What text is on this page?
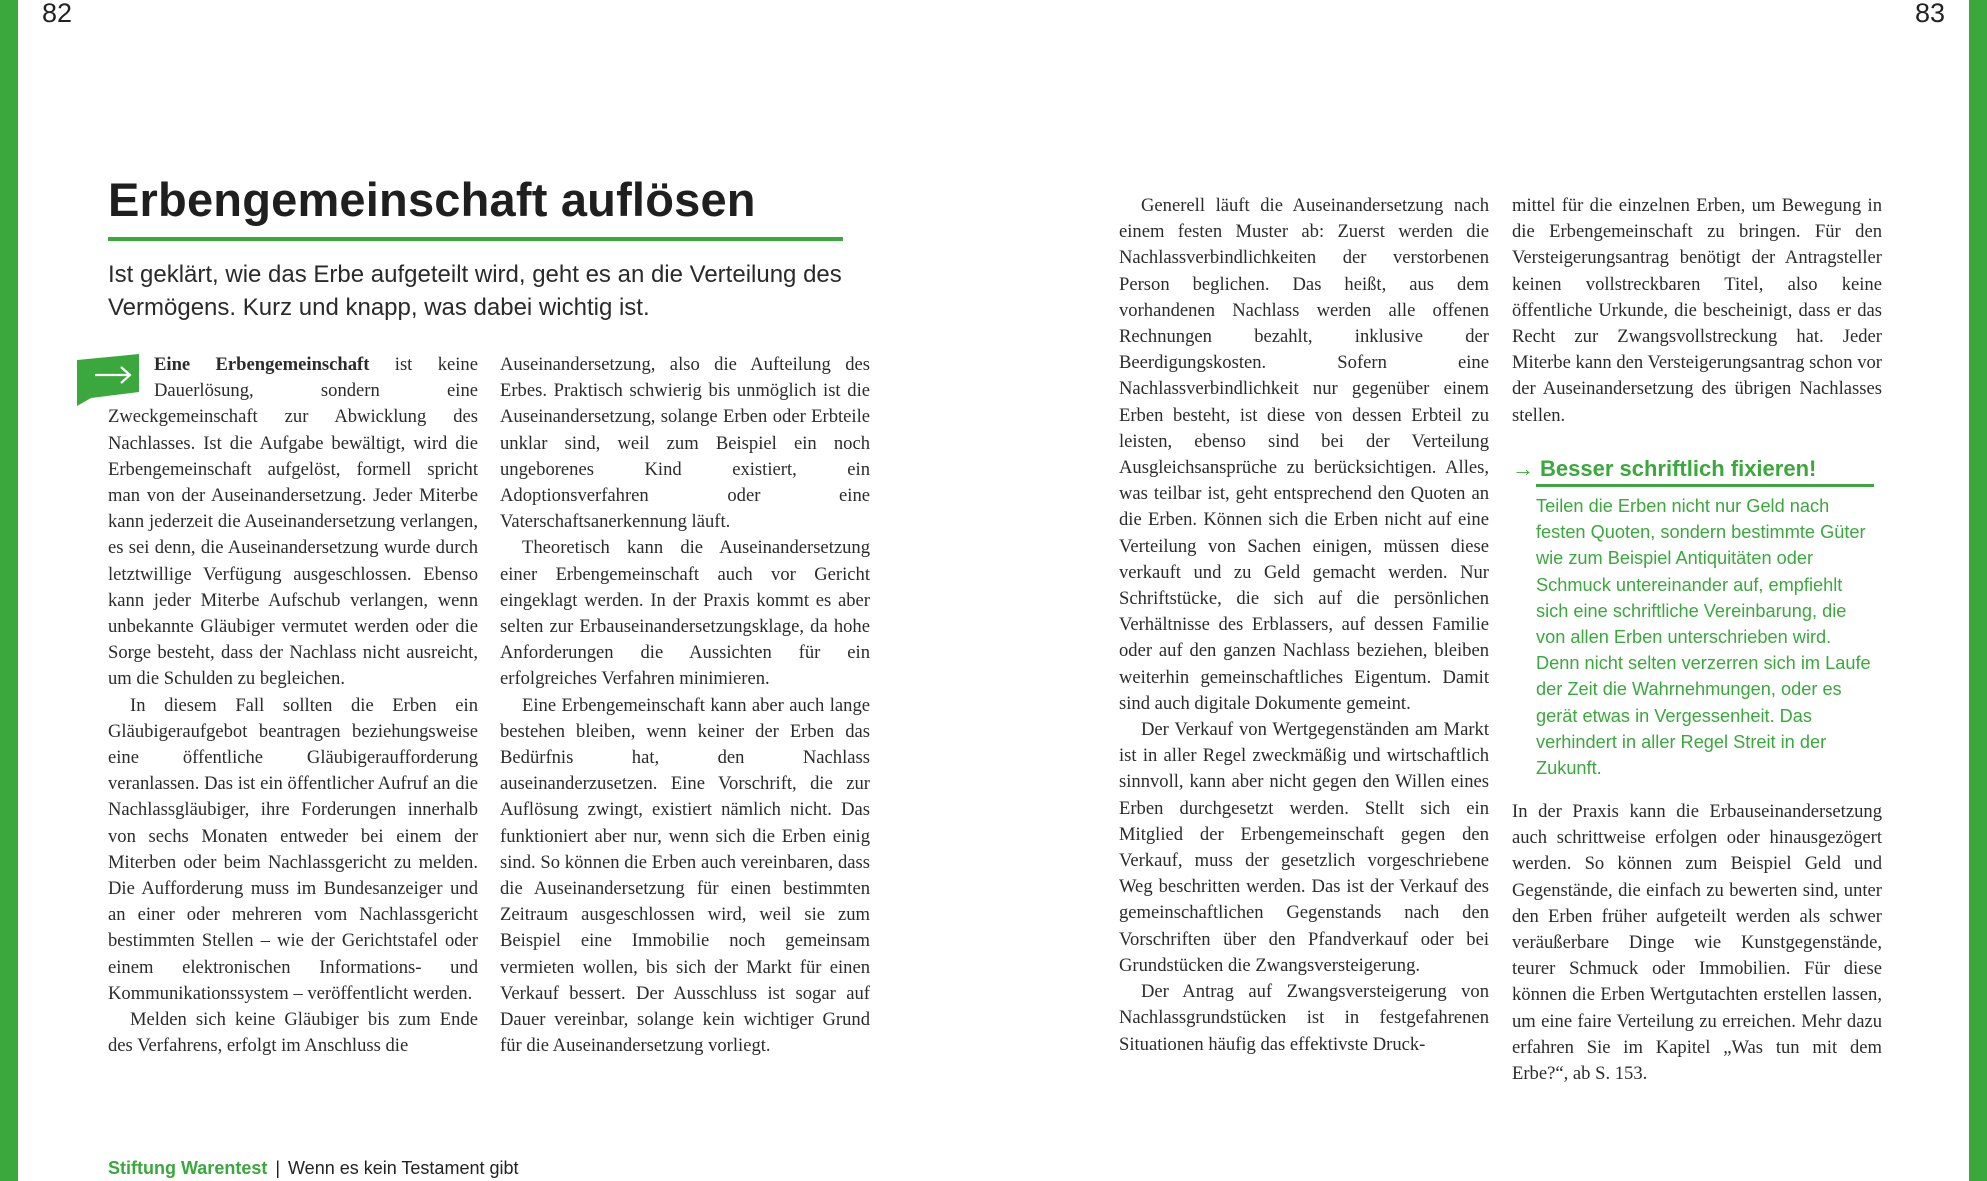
82	83
Erbengemeinschaft auflösen

Ist geklärt, wie das Erbe aufgeteilt wird, geht es an die Verteilung des Vermögens. Kurz und knapp, was dabei wichtig ist.

Eine Erbengemeinschaft ist keine Dauerlösung, sondern eine Zweckgemeinschaft zur Abwicklung des Nachlasses. Ist die Aufgabe bewältigt, wird die Erbengemeinschaft aufgelöst, formell spricht man von der Auseinandersetzung. Jeder Miterbe kann jederzeit die Auseinandersetzung verlangen, es sei denn, die Auseinandersetzung wurde durch letztwillige Verfügung ausgeschlossen. Ebenso kann jeder Miterbe Aufschub verlangen, wenn unbekannte Gläubiger vermutet werden oder die Sorge besteht, dass der Nachlass nicht ausreicht, um die Schulden zu begleichen.

In diesem Fall sollten die Erben ein Gläubigeraufgebot beantragen beziehungsweise eine öffentliche Gläubigeraufforderung veranlassen. Das ist ein öffentlicher Aufruf an die Nachlassgläubiger, ihre Forderungen innerhalb von sechs Monaten entweder bei einem der Miterben oder beim Nachlassgericht zu melden. Die Aufforderung muss im Bundesanzeiger und an einer oder mehreren vom Nachlassgericht bestimmten Stellen – wie der Gerichtstafel oder einem elektronischen Informations- und Kommunikationssystem – veröffentlicht werden.

Melden sich keine Gläubiger bis zum Ende des Verfahrens, erfolgt im Anschluss die

Auseinandersetzung, also die Aufteilung des Erbes. Praktisch schwierig bis unmöglich ist die Auseinandersetzung, solange Erben oder Erbteile unklar sind, weil zum Beispiel ein noch ungeborenes Kind existiert, ein Adoptionsverfahren oder eine Vaterschaftsanerkennung läuft.

Theoretisch kann die Auseinandersetzung einer Erbengemeinschaft auch vor Gericht eingeklagt werden. In der Praxis kommt es aber selten zur Erbauseinandersetzungsklage, da hohe Anforderungen die Aussichten für ein erfolgreiches Verfahren minimieren.

Eine Erbengemeinschaft kann aber auch lange bestehen bleiben, wenn keiner der Erben das Bedürfnis hat, den Nachlass auseinanderzusetzen. Eine Vorschrift, die zur Auflösung zwingt, existiert nämlich nicht. Das funktioniert aber nur, wenn sich die Erben einig sind. So können die Erben auch vereinbaren, dass die Auseinandersetzung für einen bestimmten Zeitraum ausgeschlossen wird, weil sie zum Beispiel eine Immobilie noch gemeinsam vermieten wollen, bis sich der Markt für einen Verkauf bessert. Der Ausschluss ist sogar auf Dauer vereinbar, solange kein wichtiger Grund für die Auseinandersetzung vorliegt.

Generell läuft die Auseinandersetzung nach einem festen Muster ab: Zuerst werden die Nachlassverbindlichkeiten der verstorbenen Person beglichen. Das heißt, aus dem vorhandenen Nachlass werden alle offenen Rechnungen bezahlt, inklusive der Beerdigungskosten. Sofern eine Nachlassverbindlichkeit nur gegenüber einem Erben besteht, ist diese von dessen Erbteil zu leisten, ebenso sind bei der Verteilung Ausgleichsansprüche zu berücksichtigen. Alles, was teilbar ist, geht entsprechend den Quoten an die Erben. Können sich die Erben nicht auf eine Verteilung von Sachen einigen, müssen diese verkauft und zu Geld gemacht werden. Nur Schriftstücke, die sich auf die persönlichen Verhältnisse des Erblassers, auf dessen Familie oder auf den ganzen Nachlass beziehen, bleiben weiterhin gemeinschaftliches Eigentum. Damit sind auch digitale Dokumente gemeint.

Der Verkauf von Wertgegenständen am Markt ist in aller Regel zweckmäßig und wirtschaftlich sinnvoll, kann aber nicht gegen den Willen eines Erben durchgesetzt werden. Stellt sich ein Mitglied der Erbengemeinschaft gegen den Verkauf, muss der gesetzlich vorgeschriebene Weg beschritten werden. Das ist der Verkauf des gemeinschaftlichen Gegenstands nach den Vorschriften über den Pfandverkauf oder bei Grundstücken die Zwangsversteigerung.

Der Antrag auf Zwangsversteigerung von Nachlassgrundstücken ist in festgefahrenen Situationen häufig das effektivste Druck-

mittel für die einzelnen Erben, um Bewegung in die Erbengemeinschaft zu bringen. Für den Versteigerungsantrag benötigt der Antragsteller keinen vollstreckbaren Titel, also keine öffentliche Urkunde, die bescheinigt, dass er das Recht zur Zwangsvollstreckung hat. Jeder Miterbe kann den Versteigerungsantrag schon vor der Auseinandersetzung des übrigen Nachlasses stellen.

→ Besser schriftlich fixieren!
Teilen die Erben nicht nur Geld nach festen Quoten, sondern bestimmte Güter wie zum Beispiel Antiquitäten oder Schmuck untereinander auf, empfiehlt sich eine schriftliche Vereinbarung, die von allen Erben unterschrieben wird. Denn nicht selten verzerren sich im Laufe der Zeit die Wahrnehmungen, oder es gerät etwas in Vergessenheit. Das verhindert in aller Regel Streit in der Zukunft.

In der Praxis kann die Erbauseinandersetzung auch schrittweise erfolgen oder hinausgezögert werden. So können zum Beispiel Geld und Gegenstände, die einfach zu bewerten sind, unter den Erben früher aufgeteilt werden als schwer veräußerbare Dinge wie Kunstgegenstände, teurer Schmuck oder Immobilien. Für diese können die Erben Wertgutachten erstellen lassen, um eine faire Verteilung zu erreichen. Mehr dazu erfahren Sie im Kapitel „Was tun mit dem Erbe?“, ab S. 153.

Stiftung Warentest | Wenn es kein Testament gibt
